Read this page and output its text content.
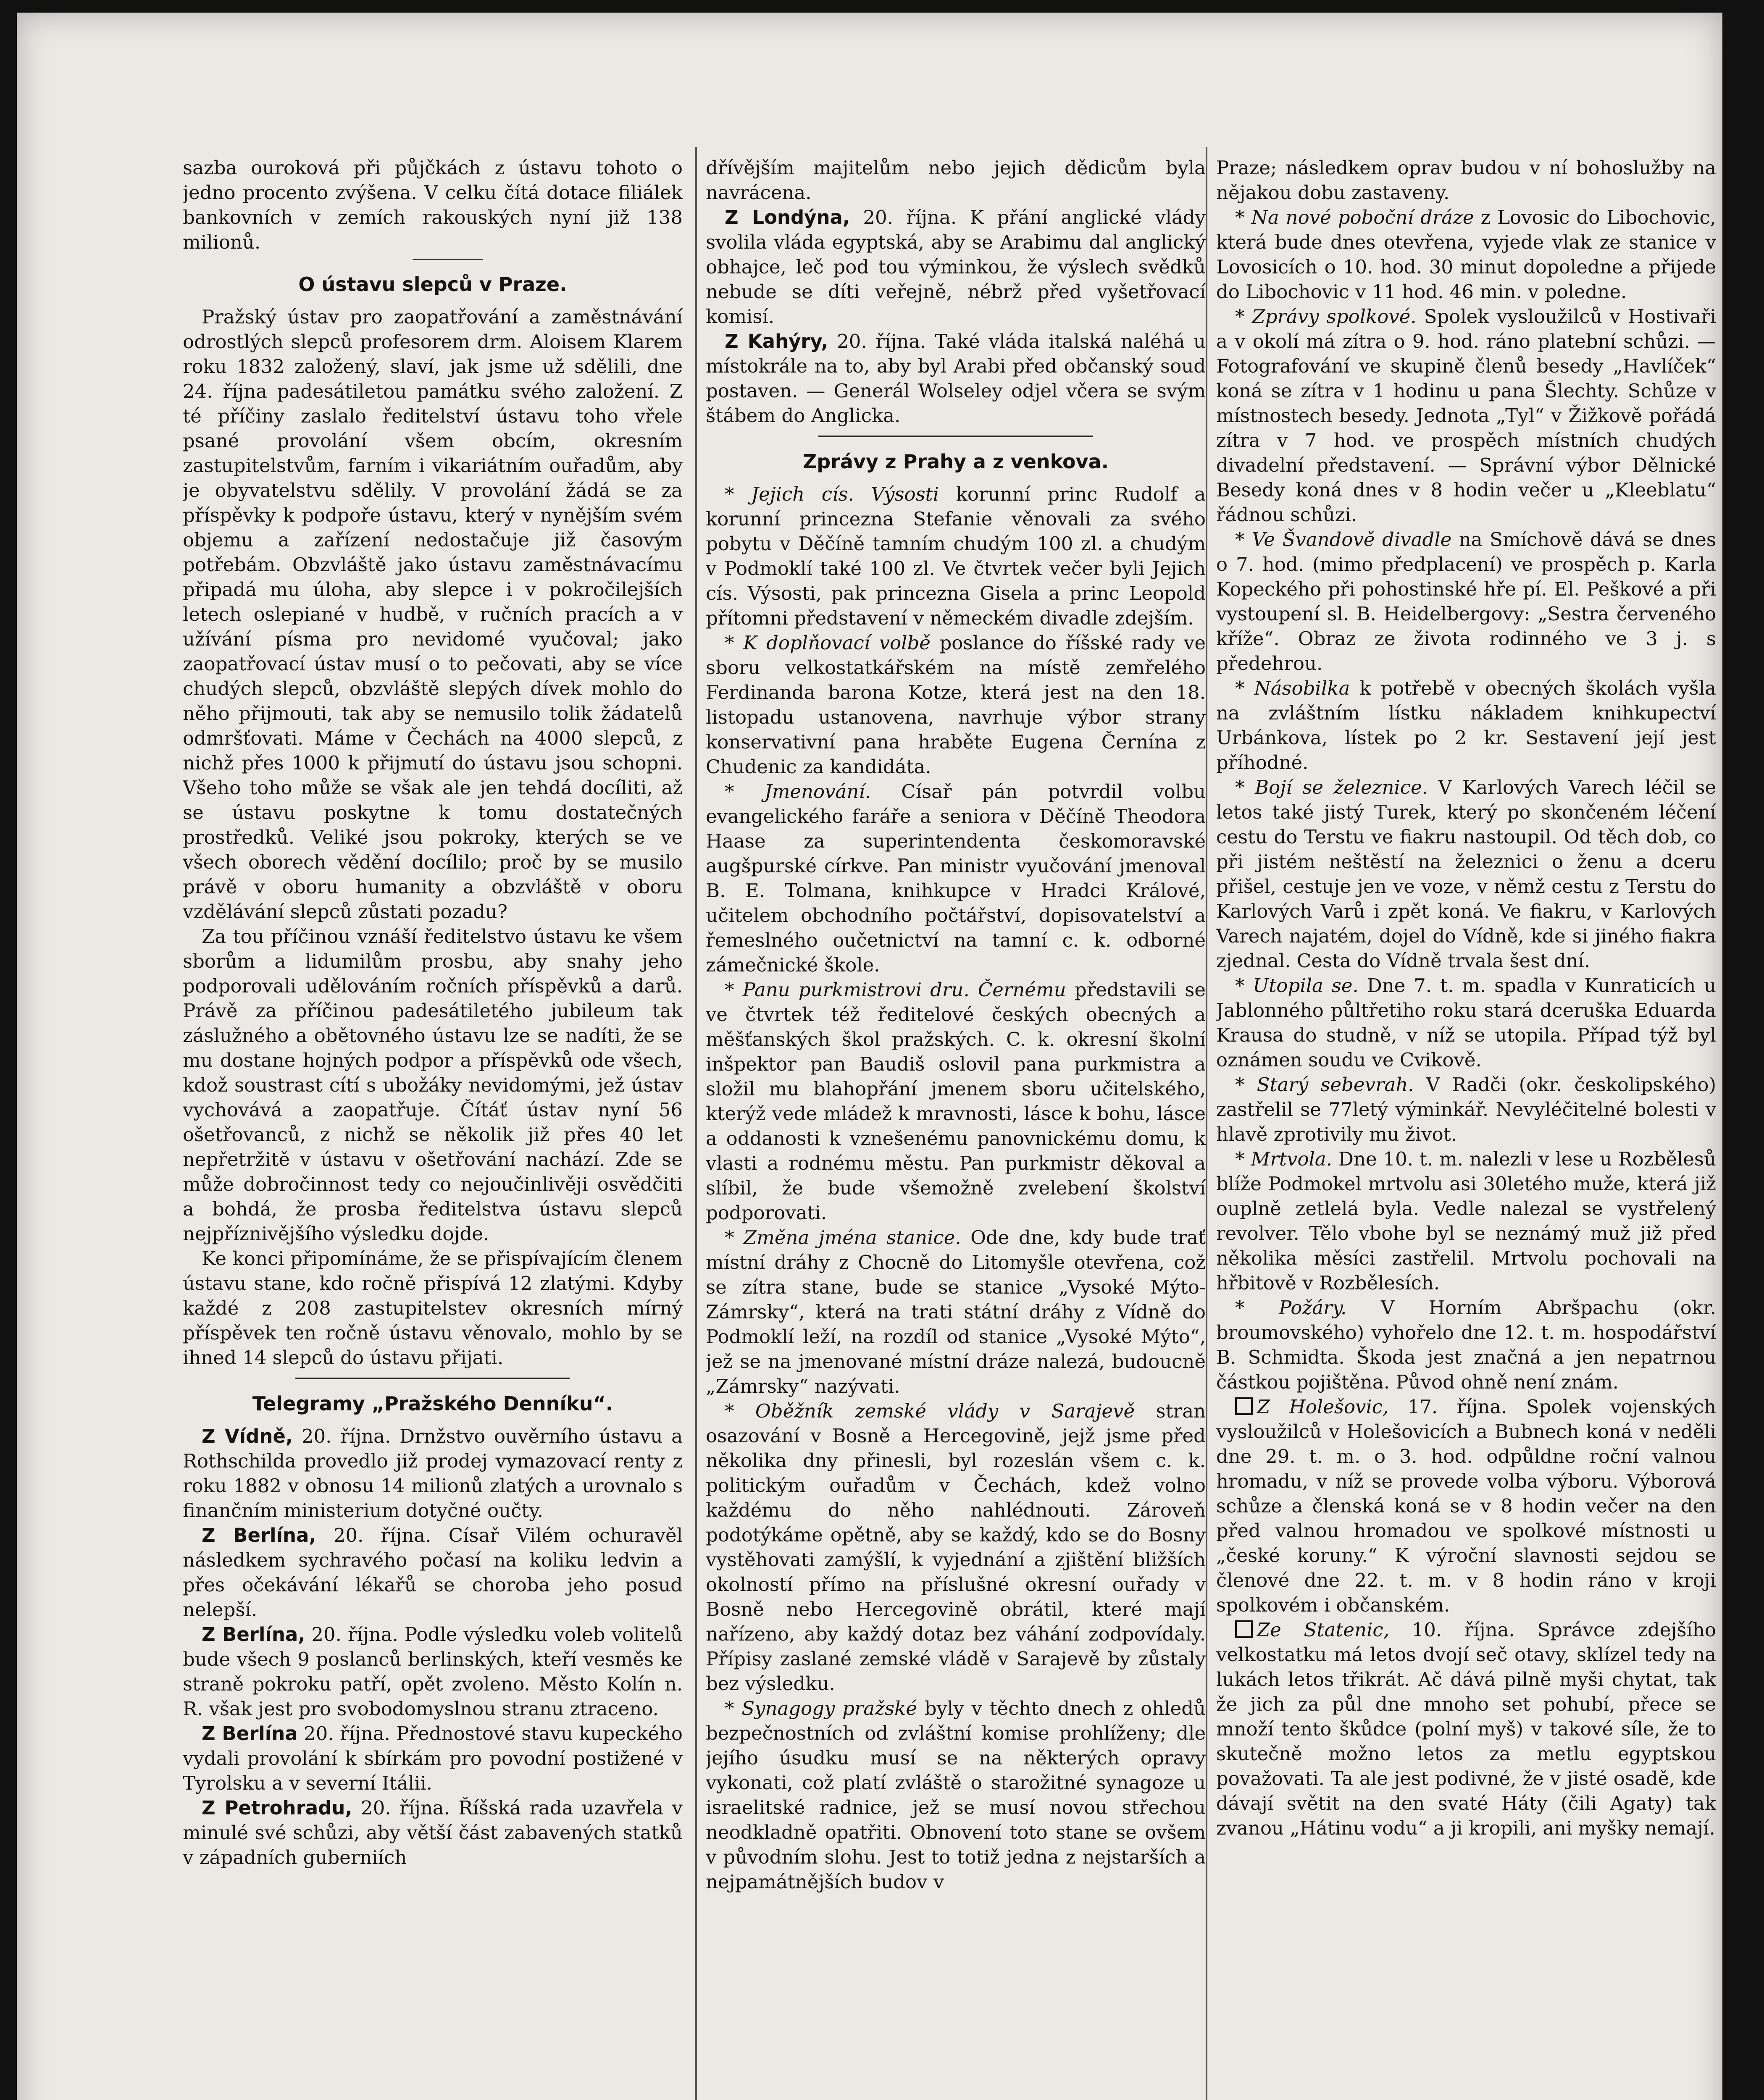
sazba ouroková při půjčkách z ústavu tohoto o jedno procento zvýšena. V celku čítá dotace filiálek bankovních v zemích rakouských nyní již 138 milionů.

O ústavu slepců v Praze.

Pražský ústav pro zaopatřování a zaměstnávání odrostlých slepců profesorem drm. Aloisem Klarem roku 1832 založený, slaví, jak jsme už sdělili, dne 24. října padesátiletou památku svého založení. Z té příčiny zaslalo ředitelství ústavu toho vřele psané provolání všem obcím, okresním zastupitelstvům, farním i vikariátním ouřadům, aby je obyvatelstvu sdělily. V provolání žádá se za příspěvky k podpoře ústavu, který v nynějším svém objemu a zařízení nedostačuje již časovým potřebám. Obzvláště jako ústavu zaměstnávacímu připadá mu úloha, aby slepce i v pokročilejších letech oslepiané v hudbě, v ručních pracích a v užívání písma pro nevidomé vyučoval; jako zaopatřovací ústav musí o to pečovati, aby se více chudých slepců, obzvláště slepých dívek mohlo do něho přijmouti, tak aby se nemusilo tolik žádatelů odmršťovati. Máme v Čechách na 4000 slepců, z nichž přes 1000 k přijmutí do ústavu jsou schopni. Všeho toho může se však ale jen tehdá docíliti, až se ústavu poskytne k tomu dostatečných prostředků. Veliké jsou pokroky, kterých se ve všech oborech vědění docílilo; proč by se musilo právě v oboru humanity a obzvláště v oboru vzdělávání slepců zůstati pozadu?

Za tou příčinou vznáší ředitelstvo ústavu ke všem sborům a lidumilům prosbu, aby snahy jeho podporovali udělováním ročních příspěvků a darů. Právě za příčinou padesátiletého jubileum tak záslužného a obětovného ústavu lze se nadíti, že se mu dostane hojných podpor a příspěvků ode všech, kdož soustrast cítí s ubožáky nevidomými, jež ústav vychovává a zaopatřuje. Čítáť ústav nyní 56 ošetřovanců, z nichž se několik již přes 40 let nepřetržitě v ústavu v ošetřování nachází. Zde se může dobročinnost tedy co nejoučinlivěji osvědčiti a bohdá, že prosba ředitelstva ústavu slepců nejpříznivějšího výsledku dojde.

Ke konci připomínáme, že se přispívajícím členem ústavu stane, kdo ročně přispívá 12 zlatými. Kdyby každé z 208 zastupitelstev okresních mírný příspěvek ten ročně ústavu věnovalo, mohlo by se ihned 14 slepců do ústavu přijati.

Telegramy „Pražského Denníku“.

Z Vídně, 20. října. Drnžstvo ouvěrního ústavu a Rothschilda provedlo již prodej vymazovací renty z roku 1882 v obnosu 14 milionů zlatých a urovnalo s finančním ministerium dotyčné oučty.

Z Berlína, 20. října. Císař Vilém ochuravěl následkem sychravého počasí na koliku ledvin a přes očekávání lékařů se choroba jeho posud nelepší.

Z Berlína, 20. října. Podle výsledku voleb volitelů bude všech 9 poslanců berlinských, kteří vesměs ke straně pokroku patří, opět zvoleno. Město Kolín n. R. však jest pro svobodomyslnou stranu ztraceno.

Z Berlína 20. října. Přednostové stavu kupeckého vydali provolání k sbírkám pro povodní postižené v Tyrolsku a v severní Itálii.

Z Petrohradu, 20. října. Říšská rada uzavřela v minulé své schůzi, aby větší část zabavených statků v západních guberniích

dřívějším majitelům nebo jejich dědicům byla navrácena.

Z Londýna, 20. října. K přání anglické vlády svolila vláda egyptská, aby se Arabimu dal anglický obhajce, leč pod tou výminkou, že výslech svědků nebude se díti veřejně, nébrž před vyšetřovací komisí.

Z Kahýry, 20. října. Také vláda italská naléhá u místokrále na to, aby byl Arabi před občanský soud postaven. — Generál Wolseley odjel včera se svým štábem do Anglicka.

Zprávy z Prahy a z venkova.

* Jejich cís. Výsosti korunní princ Rudolf a korunní princezna Stefanie věnovali za svého pobytu v Děčíně tamním chudým 100 zl. a chudým v Podmoklí také 100 zl. Ve čtvrtek večer byli Jejich cís. Výsosti, pak princezna Gisela a princ Leopold přítomni představení v německém divadle zdejším.

* K doplňovací volbě poslance do říšské rady ve sboru velkostatkářském na místě zemřelého Ferdinanda barona Kotze, která jest na den 18. listopadu ustanovena, navrhuje výbor strany konservativní pana hraběte Eugena Černína z Chudenic za kandidáta.

* Jmenování. Císař pán potvrdil volbu evangelického faráře a seniora v Děčíně Theodora Haase za superintendenta českomoravské augšpurské církve. Pan ministr vyučování jmenoval B. E. Tolmana, knihkupce v Hradci Králové, učitelem obchodního počtářství, dopisovatelství a řemeslného oučetnictví na tamní c. k. odborné zámečnické škole.

* Panu purkmistrovi dru. Černému představili se ve čtvrtek též ředitelové českých obecných a měšťanských škol pražských. C. k. okresní školní inšpektor pan Baudiš oslovil pana purkmistra a složil mu blahopřání jmenem sboru učitelského, kterýž vede mládež k mravnosti, lásce k bohu, lásce a oddanosti k vznešenému panovnickému domu, k vlasti a rodnému městu. Pan purkmistr děkoval a slíbil, že bude všemožně zvelebení školství podporovati.

* Změna jména stanice. Ode dne, kdy bude trať místní dráhy z Chocně do Litomyšle otevřena, což se zítra stane, bude se stanice „Vysoké Mýto-Zámrsky“, která na trati státní dráhy z Vídně do Podmoklí leží, na rozdíl od stanice „Vysoké Mýto“, jež se na jmenované místní dráze nalezá, budoucně „Zámrsky“ nazývati.

* Oběžník zemské vlády v Sarajevě stran osazování v Bosně a Hercegovině, jejž jsme před několika dny přinesli, byl rozeslán všem c. k. politickým ouřadům v Čechách, kdež volno každému do něho nahlédnouti. Zároveň podotýkáme opětně, aby se každý, kdo se do Bosny vystěhovati zamýšlí, k vyjednání a zjištění bližších okolností přímo na příslušné okresní ouřady v Bosně nebo Hercegovině obrátil, které mají nařízeno, aby každý dotaz bez váhání zodpovídaly. Přípisy zaslané zemské vládě v Sarajevě by zůstaly bez výsledku.

* Synagogy pražské byly v těchto dnech z ohledů bezpečnostních od zvláštní komise prohlíženy; dle jejího úsudku musí se na některých opravy vykonati, což platí zvláště o starožitné synagoze u israelitské radnice, jež se musí novou střechou neodkladně opatřiti. Obnovení toto stane se ovšem v původním slohu. Jest to totiž jedna z nejstarších a nejpamátnějších budov v

Praze; následkem oprav budou v ní bohoslužby na nějakou dobu zastaveny.

* Na nové poboční dráze z Lovosic do Libochovic, která bude dnes otevřena, vyjede vlak ze stanice v Lovosicích o 10. hod. 30 minut dopoledne a přijede do Libochovic v 11 hod. 46 min. v poledne.

* Zprávy spolkové. Spolek vysloužilců v Hostivaři a v okolí má zítra o 9. hod. ráno platební schůzi. — Fotografování ve skupině členů besedy „Havlíček“ koná se zítra v 1 hodinu u pana Šlechty. Schůze v místnostech besedy. Jednota „Tyl“ v Žižkově pořádá zítra v 7 hod. ve prospěch místních chudých divadelní představení. — Správní výbor Dělnické Besedy koná dnes v 8 hodin večer u „Kleeblatu“ řádnou schůzi.

* Ve Švandově divadle na Smíchově dává se dnes o 7. hod. (mimo předplacení) ve prospěch p. Karla Kopeckého při pohostinské hře pí. El. Peškové a při vystoupení sl. B. Heidelbergovy: „Sestra červeného kříže“. Obraz ze života rodinného ve 3 j. s předehrou.

* Násobilka k potřebě v obecných školách vyšla na zvláštním lístku nákladem knihkupectví Urbánkova, lístek po 2 kr. Sestavení její jest příhodné.

* Bojí se železnice. V Karlových Varech léčil se letos také jistý Turek, který po skončeném léčení cestu do Terstu ve fiakru nastoupil. Od těch dob, co při jistém neštěstí na železnici o ženu a dceru přišel, cestuje jen ve voze, v němž cestu z Terstu do Karlových Varů i zpět koná. Ve fiakru, v Karlových Varech najatém, dojel do Vídně, kde si jiného fiakra zjednal. Cesta do Vídně trvala šest dní.

* Utopila se. Dne 7. t. m. spadla v Kunraticích u Jablonného půltřetiho roku stará dceruška Eduarda Krausa do studně, v níž se utopila. Případ týž byl oznámen soudu ve Cvikově.

* Starý sebevrah. V Radči (okr. českolipského) zastřelil se 77letý výminkář. Nevyléčitelné bolesti v hlavě zprotivily mu život.

* Mrtvola. Dne 10. t. m. nalezli v lese u Rozbělesů blíže Podmokel mrtvolu asi 30letého muže, která již ouplně zetlelá byla. Vedle nalezal se vystřelený revolver. Tělo vbohe byl se neznámý muž již před několika měsíci zastřelil. Mrtvolu pochovali na hřbitově v Rozbělesích.

* Požáry. V Horním Abršpachu (okr. broumovského) vyhořelo dne 12. t. m. hospodářství B. Schmidta. Škoda jest značná a jen nepatrnou částkou pojištěna. Původ ohně není znám.

Z Holešovic, 17. října. Spolek vojenských vysloužilců v Holešovicích a Bubnech koná v neděli dne 29. t. m. o 3. hod. odpůldne roční valnou hromadu, v níž se provede volba výboru. Výborová schůze a členská koná se v 8 hodin večer na den před valnou hromadou ve spolkové místnosti u „české koruny.“ K výroční slavnosti sejdou se členové dne 22. t. m. v 8 hodin ráno v kroji spolkovém i občanském.

Ze Statenic, 10. října. Správce zdejšího velkostatku má letos dvojí seč otavy, sklízel tedy na lukách letos třikrát. Ač dává pilně myši chytat, tak že jich za půl dne mnoho set pohubí, přece se množí tento škůdce (polní myš) v takové síle, že to skutečně možno letos za metlu egyptskou považovati. Ta ale jest podivné, že v jisté osadě, kde dávají světit na den svaté Háty (čili Agaty) tak zvanou „Hátinu vodu“ a ji kropili, ani myšky nemají.
